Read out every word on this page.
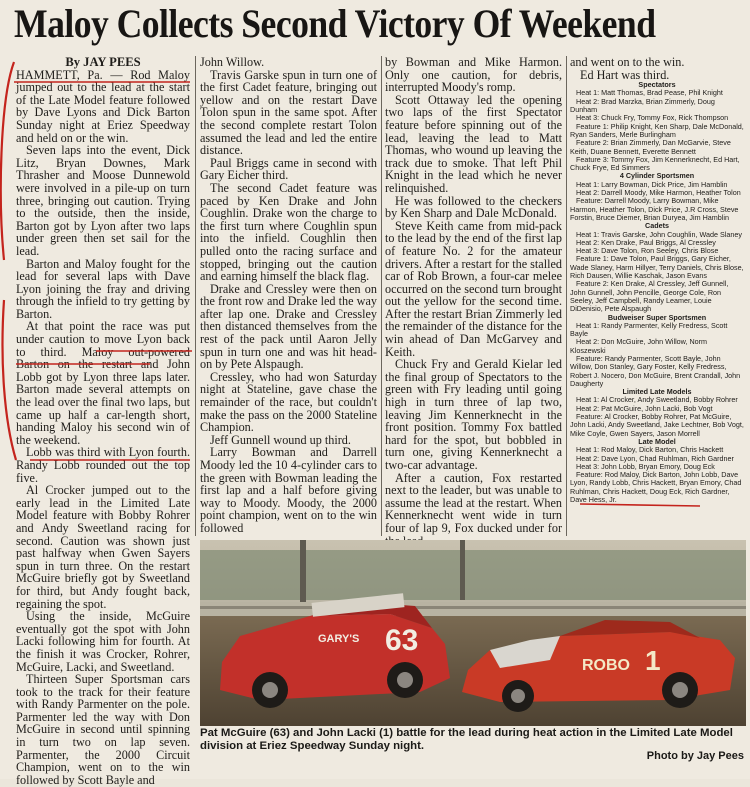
Maloy Collects Second Victory Of Weekend

By JAY PEES

HAMMETT, Pa. — Rod Maloy jumped out to the lead at the start of the Late Model feature followed by Dave Lyons and Dick Barton Sunday night at Eriez Speedway and held on or the win.

Seven laps into the event, Dick Litz, Bryan Downes, Mark Thrasher and Moose Dunnewold were involved in a pile-up on turn three, bringing out caution. Trying to the outside, then the inside, Barton got by Lyon after two laps under green then set sail for the lead.

Barton and Maloy fought for the lead for several laps with Dave Lyon joining the fray and driving through the infield to try getting by Barton.

At that point the race was put under caution to move Lyon back to third. Maloy out-powered Barton on the restart and John Lobb got by Lyon three laps later. Barton made several attempts on the lead over the final two laps, but came up half a car-length short, handing Maloy his second win of the weekend.

Lobb was third with Lyon fourth. Randy Lobb rounded out the top five.

Al Crocker jumped out to the early lead in the Limited Late Model feature with Bobby Rohrer and Andy Sweetland racing for second. Caution was shown just past halfway when Gwen Sayers spun in turn three. On the restart McGuire briefly got by Sweetland for third, but Andy fought back, regaining the spot.

Using the inside, McGuire eventually got the spot with John Lacki following him for fourth. At the finish it was Crocker, Rohrer, McGuire, Lacki, and Sweetland.

Thirteen Super Sportsman cars took to the track for their feature with Randy Parmenter on the pole. Parmenter led the way with Don McGuire in second until spinning in turn two on lap seven. Parmenter, the 2000 Circuit Champion, went on to the win followed by Scott Bayle and

John Willow.

Travis Garske spun in turn one of the first Cadet feature, bringing out yellow and on the restart Dave Tolon spun in the same spot. After the second complete restart Tolon assumed the lead and led the entire distance.

Paul Briggs came in second with Gary Eicher third.

The second Cadet feature was paced by Ken Drake and John Coughlin. Drake won the charge to the first turn where Coughlin spun into the infield. Coughlin then pulled onto the racing surface and stopped, bringing out the caution and earning himself the black flag.

Drake and Cressley were then on the front row and Drake led the way after lap one. Drake and Cressley then distanced themselves from the rest of the pack until Aaron Jelly spun in turn one and was hit head-on by Pete Alspaugh.

Cressley, who had won Saturday night at Stateline, gave chase the remainder of the race, but couldn't make the pass on the 2000 Stateline Champion.

Jeff Gunnell wound up third.

Larry Bowman and Darrell Moody led the 10 4-cylinder cars to the green with Bowman leading the first lap and a half before giving way to Moody. Moody, the 2000 point champion, went on to the win followed

by Bowman and Mike Harmon. Only one caution, for debris, interrupted Moody's romp.

Scott Ottaway led the opening two laps of the first Spectator feature before spinning out of the lead, leaving the lead to Matt Thomas, who wound up leaving the track due to smoke. That left Phil Knight in the lead which he never relinquished.

He was followed to the checkers by Ken Sharp and Dale McDonald.

Steve Keith came from mid-pack to the lead by the end of the first lap of feature No. 2 for the amateur drivers. After a restart for the stalled car of Rob Brown, a four-car melee occurred on the second turn brought out the yellow for the second time. After the restart Brian Zimmerly led the remainder of the distance for the win ahead of Dan McGarvey and Keith.

Chuck Fry and Gerald Kielar led the final group of Spectators to the green with Fry leading until going high in turn three of lap two, leaving Jim Kennerknecht in the front position. Tommy Fox battled hard for the spot, but bobbled in turn one, giving Kennerknecht a two-car advantage.

After a caution, Fox restarted next to the leader, but was unable to assume the lead at the restart. When Kennerknecht went wide in turn four of lap 9, Fox ducked under for

and went on to the win.

Ed Hart was third.

Spectators
Heat 1: Matt Thomas, Brad Pease, Phil Knight
Heat 2: Brad Marzka, Brian Zimmerly, Doug Dunham
Heat 3: Chuck Fry, Tommy Fox, Rick Thompson
Feature 1: Philip Knight, Ken Sharp, Dale McDonald, Ryan Sanders, Merle Burlingham
Feature 2: Brian Zimmerly, Dan McGarvie, Steve Keith, Duane Bennett, Everette Bennett
Feature 3: Tommy Fox, Jim Kennerknecht, Ed Hart, Chuck Frye, Ed Simmers
4 Cylinder Sportsmen
Heat 1: Larry Bowman, Dick Price, Jim Hamblin
Heat 2: Darrell Moody, Mike Harmon, Heather Tolon
Feature: Darrell Moody, Larry Bowman, Mike Harmon, Heather Tolon, Dick Price, J.R Cross, Steve Forstin, Bruce Diemer, Brian Duryea, Jim Hamblin
Cadets
Heat 1: Travis Garske, John Coughlin, Wade Slaney
Heat 2: Ken Drake, Paul Briggs, Al Cressley
Heat 3: Dave Tolon, Ron Seeley, Chris Blose
Feature 1: Dave Tolon, Paul Briggs, Gary Eicher, Wade Slaney, Harm Hillyer, Terry Daniels, Chris Blose, Rich Dausen, Willie Kaschak, Jason Evans
Feature 2: Ken Drake, Al Cressley, Jeff Gunnell, John Gunnell, John Pencille, George Cole, Ron Seeley, Jeff Campbell, Randy Leamer, Louie DiDenisio, Pete Alspaugh
Budweiser Super Sportsmen
Heat 1: Randy Parmenter, Kelly Fredress, Scott Bayle
Heat 2: Don McGuire, John Willow, Norm Kloszewski
Feature: Randy Parmenter, Scott Bayle, John Willow, Don Stanley, Gary Foster, Kelly Fredress, Robert J. Nocero, Don McGuire, Brent Crandall, John Daugherty
Limited Late Models
Heat 1: Al Crocker, Andy Sweetland, Bobby Rohrer
Heat 2: Pat McGuire, John Lacki, Bob Vogt
Feature: Al Crocker, Bobby Rohrer, Pat McGuire, John Lacki, Andy Sweetland, Jake Lechtner, Bob Vogt, Mike Coyle, Gwen Sayers, Jason Morrell
Late Model
Heat 1: Rod Maloy, Dick Barton, Chris Hackett
Heat 2: Dave Lyon, Chad Ruhlman, Rich Gardner
Heat 3: John Lobb, Bryan Emory, Doug Eck
Feature: Rod Maloy, Dick Barton, John Lobb, Dave Lyon, Randy Lobb, Chris Hackett, Bryan Emory, Chad Ruhlman, Chris Hackett, Doug Eck, Rich Gardner, Dave Hess, Jr.
63
GARY'S
ROBO 1
Pat McGuire (63) and John Lacki (1) battle for the lead during heat action in the Limited Late Model division at Eriez Speedway Sunday night.
Photo by Jay Pees
